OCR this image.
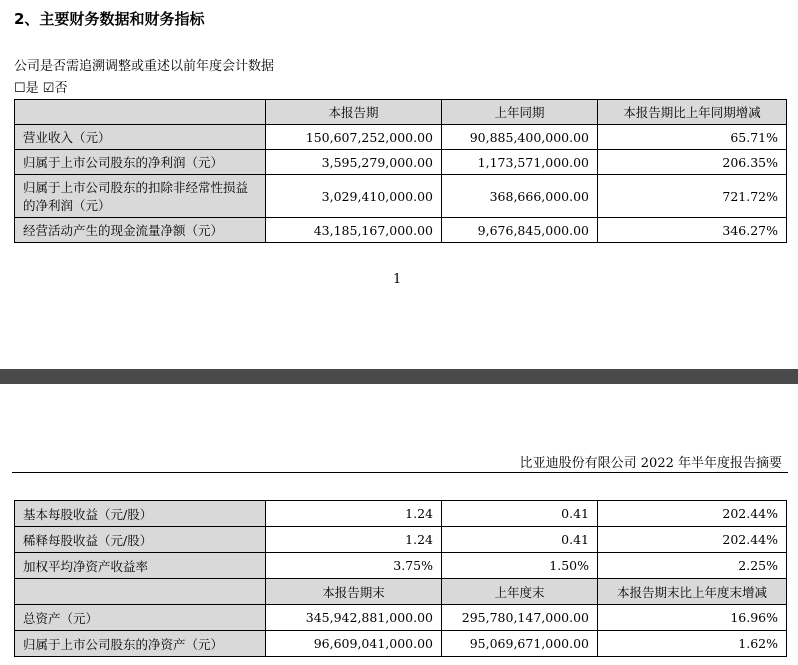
2、主要财务数据和财务指标
公司是否需追溯调整或重述以前年度会计数据
☐是 ☑否
	本报告期	上年同期	本报告期比上年同期增减
营业收入（元）	150,607,252,000.00	90,885,400,000.00	65.71%
归属于上市公司股东的净利润（元）	3,595,279,000.00	1,173,571,000.00	206.35%
归属于上市公司股东的扣除非经常性损益的净利润（元）	3,029,410,000.00	368,666,000.00	721.72%
经营活动产生的现金流量净额（元）	43,185,167,000.00	9,676,845,000.00	346.27%
1
比亚迪股份有限公司 2022 年半年度报告摘要
基本每股收益（元/股）	1.24	0.41	202.44%
稀释每股收益（元/股）	1.24	0.41	202.44%
加权平均净资产收益率	3.75%	1.50%	2.25%
	本报告期末	上年度末	本报告期末比上年度末增减
总资产（元）	345,942,881,000.00	295,780,147,000.00	16.96%
归属于上市公司股东的净资产（元）	96,609,041,000.00	95,069,671,000.00	1.62%
